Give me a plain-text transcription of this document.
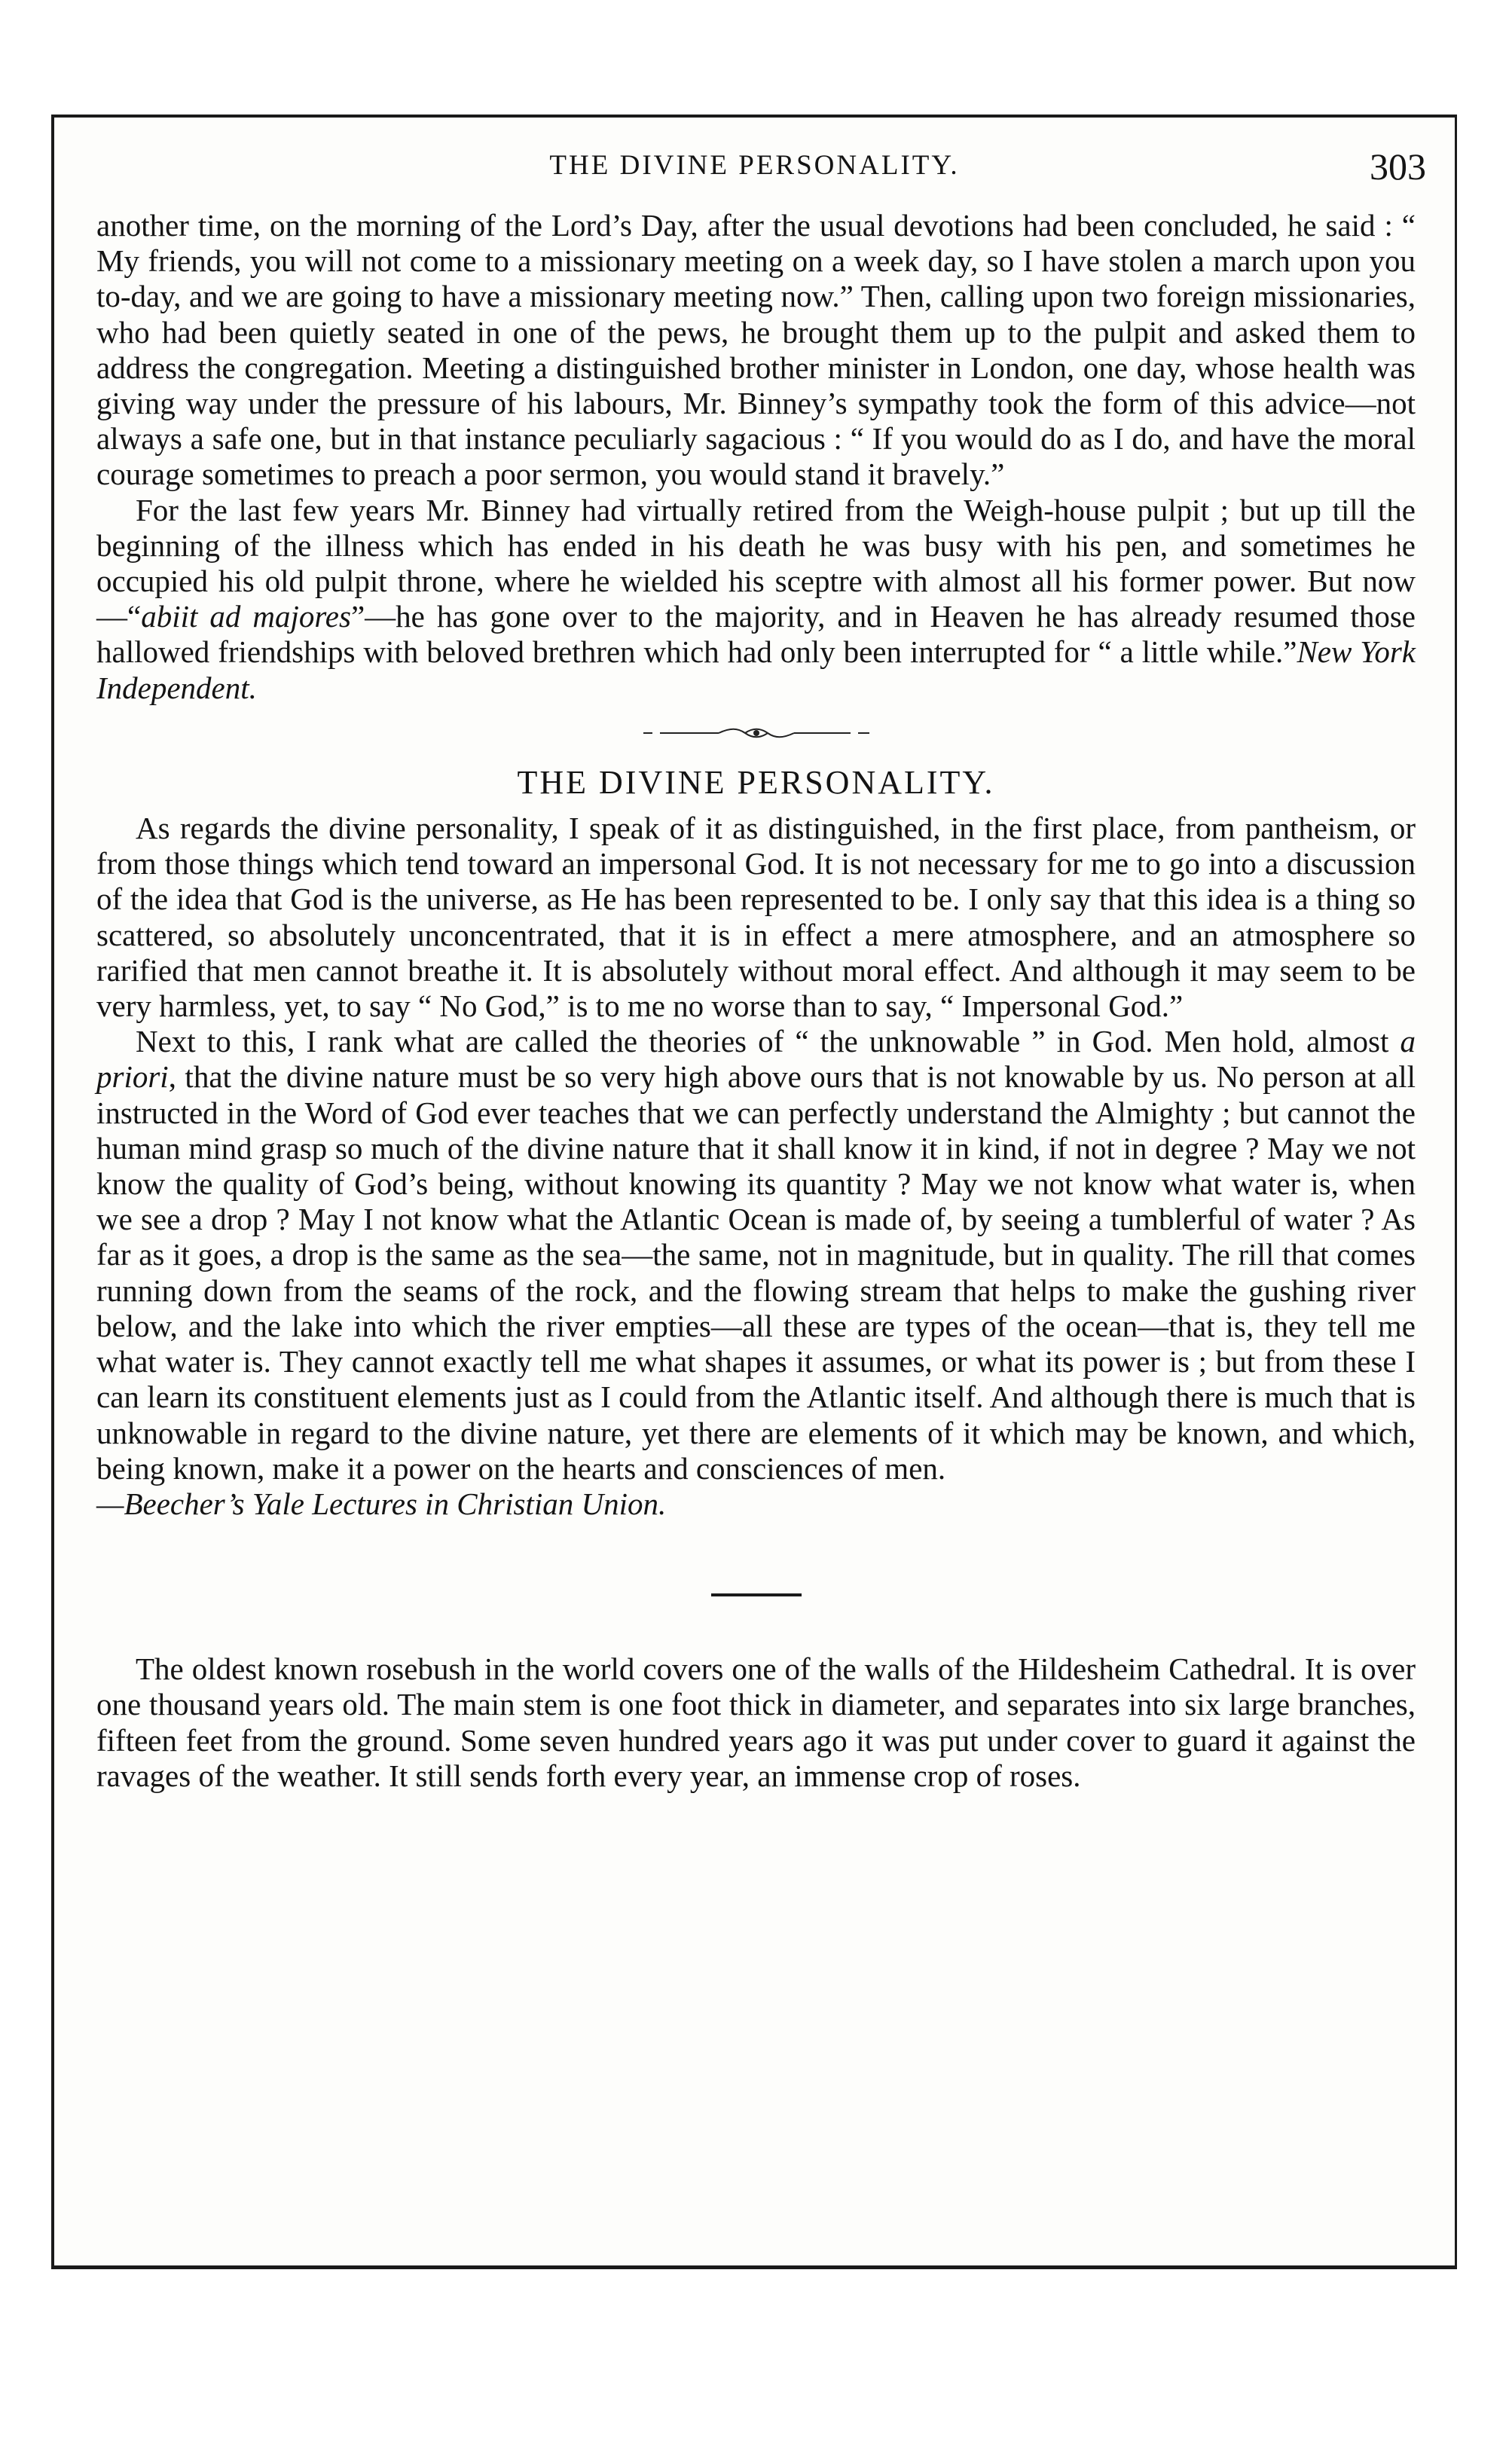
THE DIVINE PERSONALITY.	303

another time, on the morning of the Lord’s Day, after the usual devotions had been concluded, he said : “ My friends, you will not come to a missionary meeting on a week day, so I have stolen a march upon you to-day, and we are going to have a missionary meeting now.” Then, calling upon two foreign missionaries, who had been quietly seated in one of the pews, he brought them up to the pulpit and asked them to address the congregation. Meeting a distinguished brother minister in London, one day, whose health was giving way under the pressure of his labours, Mr. Binney’s sympathy took the form of this advice—not always a safe one, but in that instance peculiarly sagacious : “ If you would do as I do, and have the moral courage sometimes to preach a poor sermon, you would stand it bravely.”

For the last few years Mr. Binney had virtually retired from the Weigh-house pulpit ; but up till the beginning of the illness which has ended in his death he was busy with his pen, and sometimes he occupied his old pulpit throne, where he wielded his sceptre with almost all his former power. But now—“abiit ad majores”—he has gone over to the majority, and in Heaven he has already resumed those hallowed friendships with beloved brethren which had only been interrupted for “ a little while.”New York Independent.

THE DIVINE PERSONALITY.

As regards the divine personality, I speak of it as distinguished, in the first place, from pantheism, or from those things which tend toward an impersonal God. It is not necessary for me to go into a discussion of the idea that God is the universe, as He has been represented to be. I only say that this idea is a thing so scattered, so absolutely unconcentrated, that it is in effect a mere atmosphere, and an atmosphere so rarified that men cannot breathe it. It is absolutely without moral effect. And although it may seem to be very harmless, yet, to say “ No God,” is to me no worse than to say, “ Impersonal God.”

Next to this, I rank what are called the theories of “ the unknowable ” in God. Men hold, almost a priori, that the divine nature must be so very high above ours that is not knowable by us. No person at all instructed in the Word of God ever teaches that we can perfectly understand the Almighty ; but cannot the human mind grasp so much of the divine nature that it shall know it in kind, if not in degree ? May we not know the quality of God’s being, without knowing its quantity ? May we not know what water is, when we see a drop ? May I not know what the Atlantic Ocean is made of, by seeing a tumblerful of water ? As far as it goes, a drop is the same as the sea—the same, not in magnitude, but in quality. The rill that comes running down from the seams of the rock, and the flowing stream that helps to make the gushing river below, and the lake into which the river empties—all these are types of the ocean—that is, they tell me what water is. They cannot exactly tell me what shapes it assumes, or what its power is ; but from these I can learn its constituent elements just as I could from the Atlantic itself. And although there is much that is unknowable in regard to the divine nature, yet there are elements of it which may be known, and which, being known, make it a power on the hearts and consciences of men.

—Beecher’s Yale Lectures in Christian Union.

The oldest known rosebush in the world covers one of the walls of the Hildesheim Cathedral. It is over one thousand years old. The main stem is one foot thick in diameter, and separates into six large branches, fifteen feet from the ground. Some seven hundred years ago it was put under cover to guard it against the ravages of the weather. It still sends forth every year, an immense crop of roses.
